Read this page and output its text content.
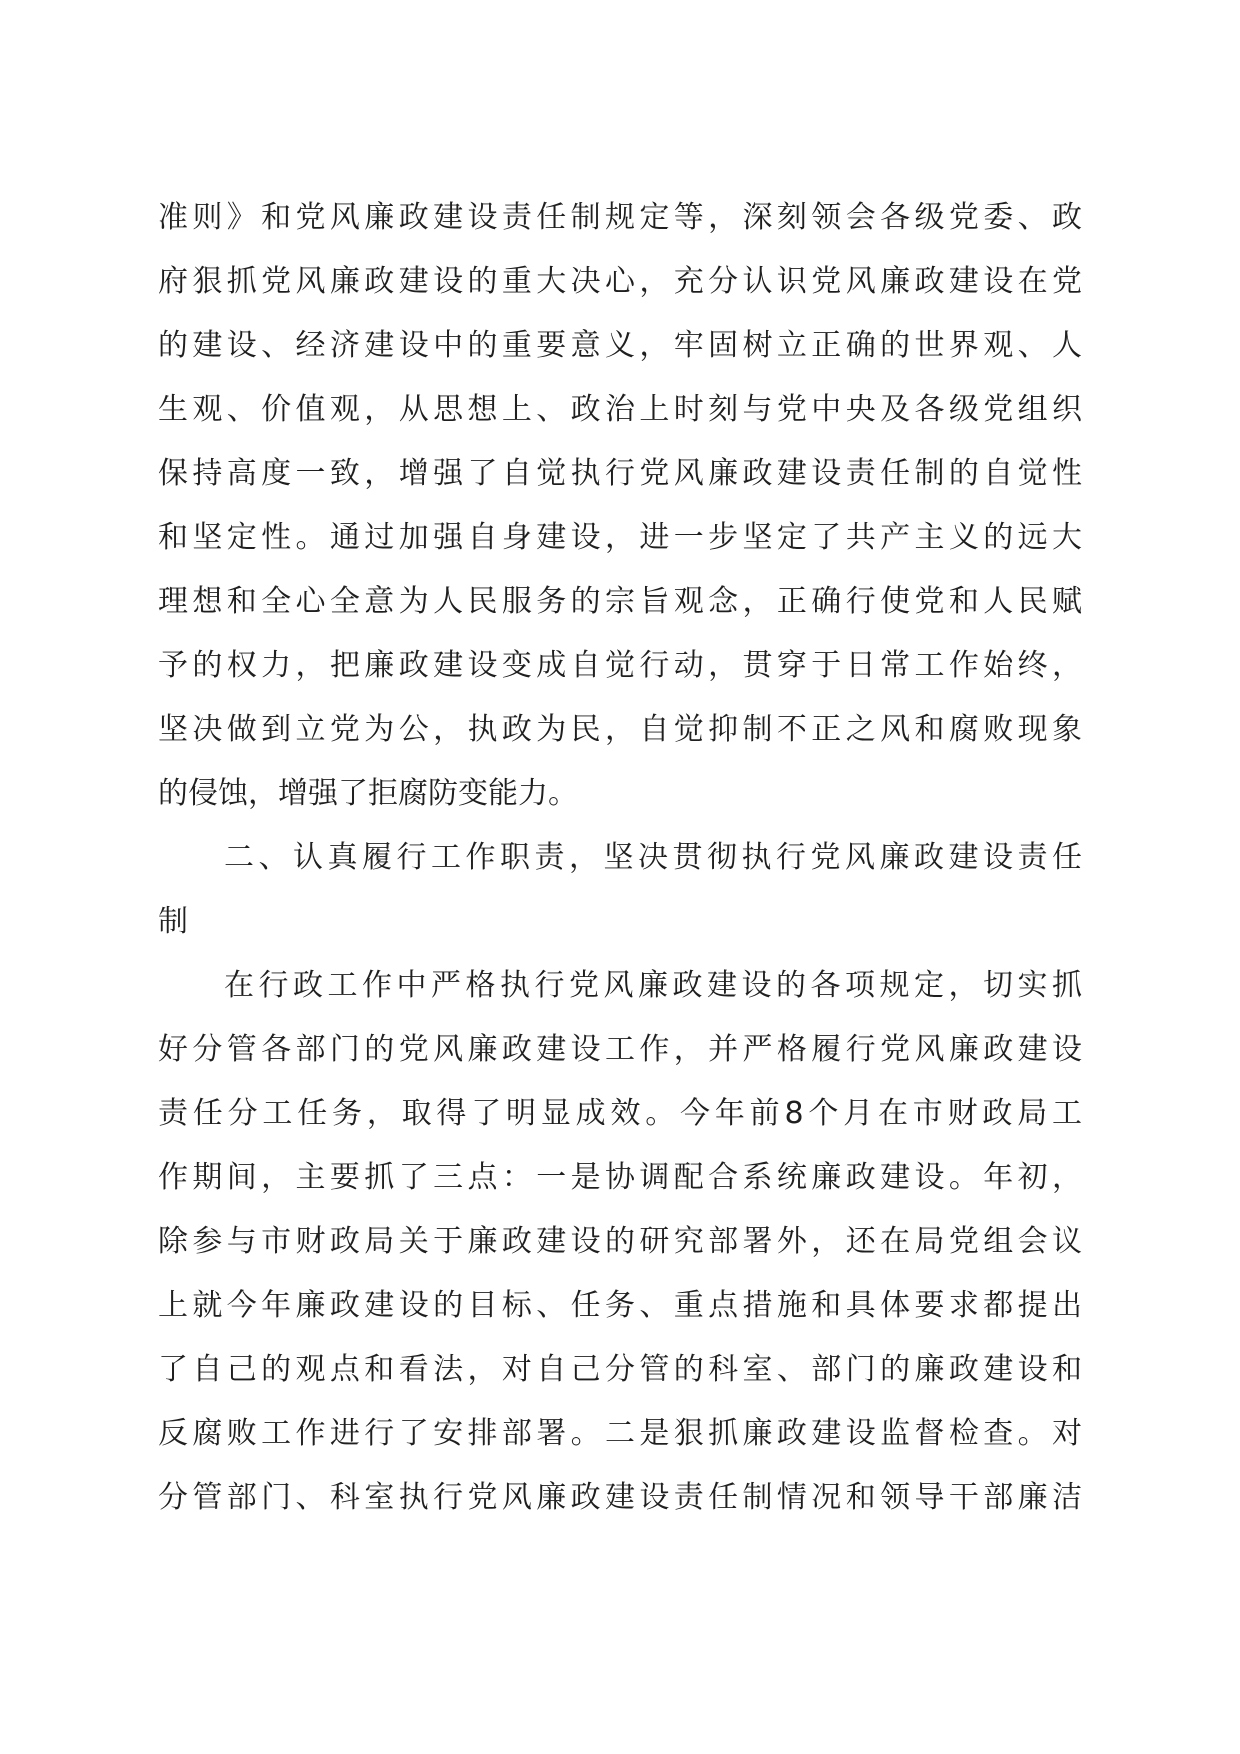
准则》和党风廉政建设责任制规定等，深刻领会各级党委、政
府狠抓党风廉政建设的重大决心，充分认识党风廉政建设在党
的建设、经济建设中的重要意义，牢固树立正确的世界观、人
生观、价值观，从思想上、政治上时刻与党中央及各级党组织
保持高度一致，增强了自觉执行党风廉政建设责任制的自觉性
和坚定性。通过加强自身建设，进一步坚定了共产主义的远大
理想和全心全意为人民服务的宗旨观念，正确行使党和人民赋
予的权力，把廉政建设变成自觉行动，贯穿于日常工作始终，
坚决做到立党为公，执政为民，自觉抑制不正之风和腐败现象
的侵蚀，增强了拒腐防变能力。
二、认真履行工作职责，坚决贯彻执行党风廉政建设责任
制
在行政工作中严格执行党风廉政建设的各项规定，切实抓
好分管各部门的党风廉政建设工作，并严格履行党风廉政建设
责任分工任务，取得了明显成效。今年前8个月在市财政局工
作期间，主要抓了三点：一是协调配合系统廉政建设。年初，
除参与市财政局关于廉政建设的研究部署外，还在局党组会议
上就今年廉政建设的目标、任务、重点措施和具体要求都提出
了自己的观点和看法，对自己分管的科室、部门的廉政建设和
反腐败工作进行了安排部署。二是狠抓廉政建设监督检查。对
分管部门、科室执行党风廉政建设责任制情况和领导干部廉洁
